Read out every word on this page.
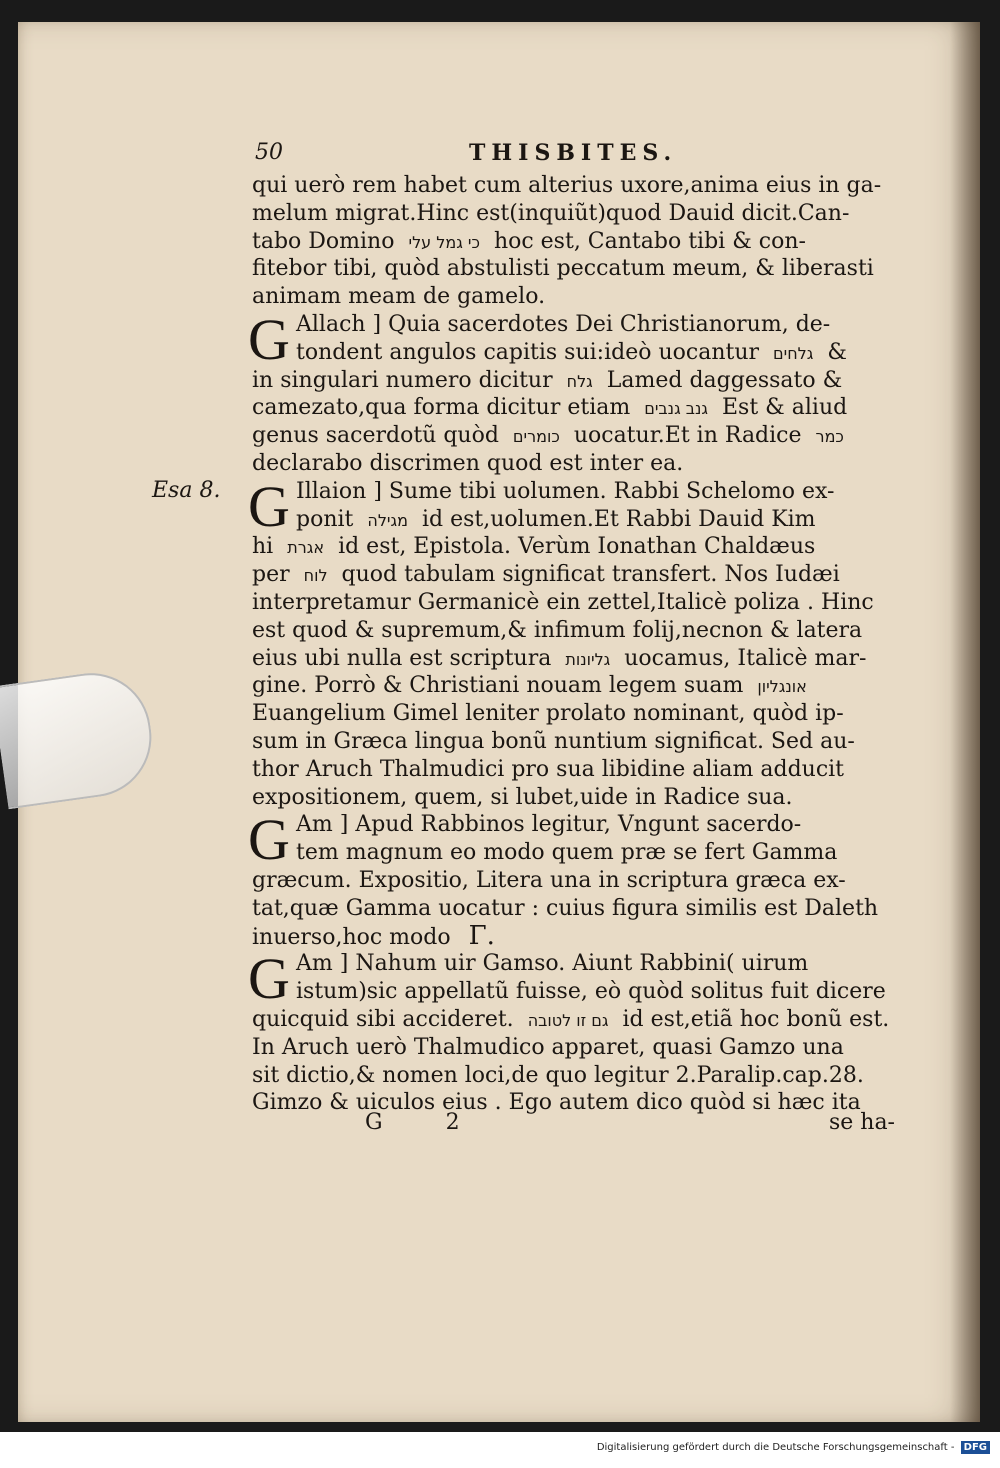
50	THISBITES.
Esa 8.
qui uerò rem habet cum alterius uxore,anima eius in ga-
melum migrat.Hinc est(inquiũt)quod Dauid dicit.Can-
tabo Domino כי גמל עלי hoc est, Cantabo tibi & con-
fitebor tibi, quòd abstulisti peccatum meum, & liberasti
animam meam de gamelo.
G Allach ] Quia sacerdotes Dei Christianorum, de-
tondent angulos capitis sui:ideò uocantur גלחים &
in singulari numero dicitur גלח Lamed daggessato &
camezato,qua forma dicitur etiam גנב גנבים Est & aliud
genus sacerdotũ quòd כומרים uocatur.Et in Radice כמר
declarabo discrimen quod est inter ea.
G Illaion ] Sume tibi uolumen. Rabbi Schelomo ex-
ponit מגילה id est,uolumen.Et Rabbi Dauid Kim
hi אגרת id est, Epistola. Verùm Ionathan Chaldæus
per לוח quod tabulam significat transfert. Nos Iudæi
interpretamur Germanicè ein zettel,Italicè poliza . Hinc
est quod & supremum,& infimum folij,necnon & latera
eius ubi nulla est scriptura גליונות uocamus, Italicè mar-
gine. Porrò & Christiani nouam legem suam אונגליון
Euangelium Gimel leniter prolato nominant, quòd ip-
sum in Græca lingua bonũ nuntium significat. Sed au-
thor Aruch Thalmudici pro sua libidine aliam adducit
expositionem, quem, si lubet,uide in Radice sua.
G Am ] Apud Rabbinos legitur, Vngunt sacerdo-
tem magnum eo modo quem præ se fert Gamma
græcum. Expositio, Litera una in scriptura græca ex-
tat,quæ Gamma uocatur : cuius figura similis est Daleth
inuerso,hoc modo Γ.
G Am ] Nahum uir Gamso. Aiunt Rabbini( uirum
istum)sic appellatũ fuisse, eò quòd solitus fuit dicere
quicquid sibi accideret. גם זו לטובה id est,etiã hoc bonũ est.
In Aruch uerò Thalmudico apparet, quasi Gamzo una
sit dictio,& nomen loci,de quo legitur 2.Paralip.cap.28.
Gimzo & uiculos eius . Ego autem dico quòd si hæc ita
G 2	se ha-
Digitalisierung gefördert durch die Deutsche Forschungsgemeinschaft - DFG
